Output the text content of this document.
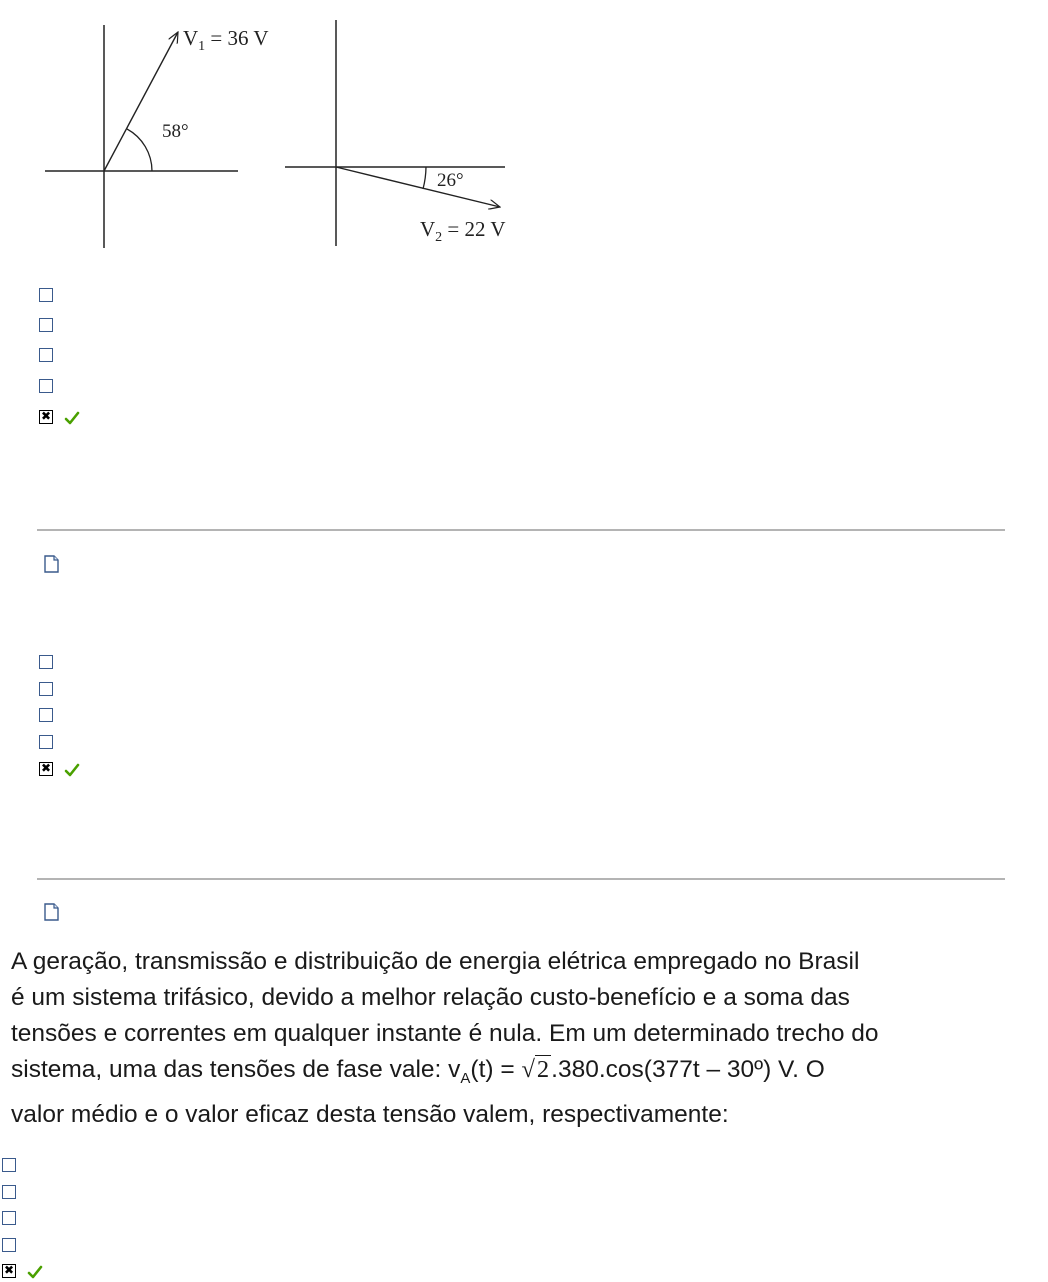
$V_1 = 36$ V
58°
26°
$V_2 = 22$ V
✖
✖

A geração, transmissão e distribuição de energia elétrica empregado no Brasil

é um sistema trifásico, devido a melhor relação custo-benefício e a soma das

tensões e correntes em qualquer instante é nula. Em um determinado trecho do

sistema, uma das tensões de fase vale: $v_A(t) = √2.380.\cos(377t$ – 30º) V. O

valor médio e o valor eficaz desta tensão valem, respectivamente:

✖
